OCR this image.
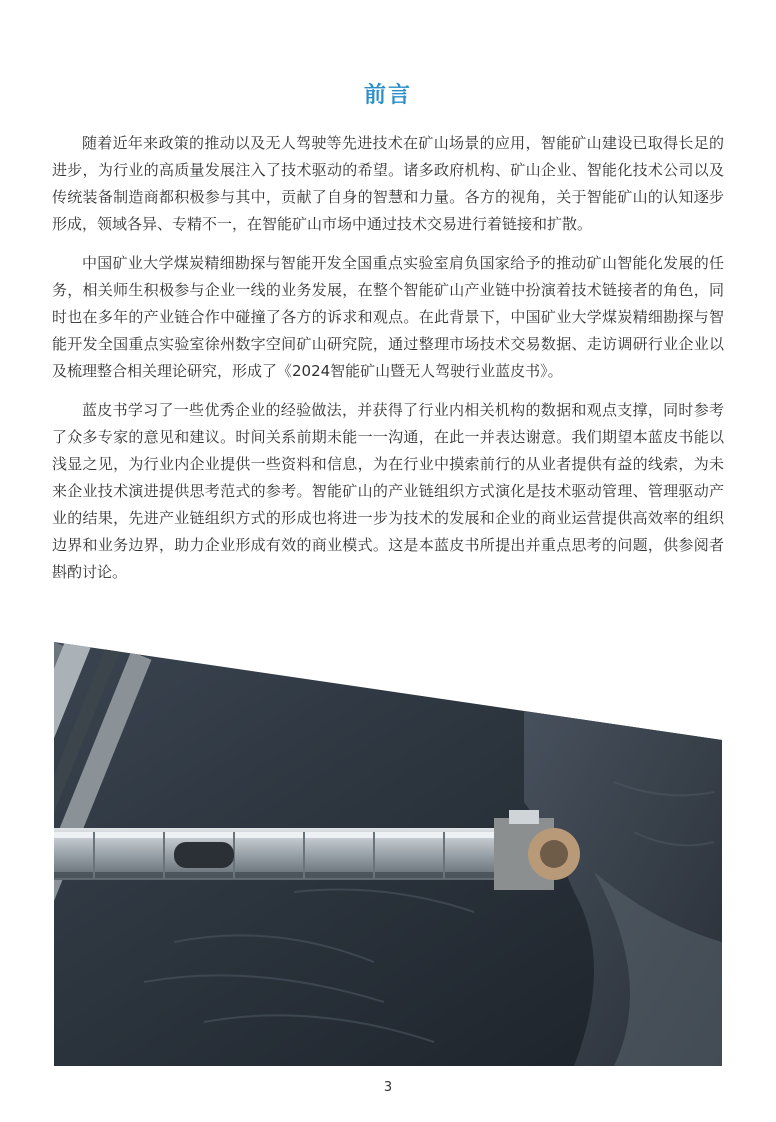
前言

随着近年来政策的推动以及无人驾驶等先进技术在矿山场景的应用，智能矿山建设已取得长足的进步，为行业的高质量发展注入了技术驱动的希望。诸多政府机构、矿山企业、智能化技术公司以及传统装备制造商都积极参与其中，贡献了自身的智慧和力量。各方的视角，关于智能矿山的认知逐步形成，领域各异、专精不一，在智能矿山市场中通过技术交易进行着链接和扩散。

中国矿业大学煤炭精细勘探与智能开发全国重点实验室肩负国家给予的推动矿山智能化发展的任务，相关师生积极参与企业一线的业务发展，在整个智能矿山产业链中扮演着技术链接者的角色，同时也在多年的产业链合作中碰撞了各方的诉求和观点。在此背景下，中国矿业大学煤炭精细勘探与智能开发全国重点实验室徐州数字空间矿山研究院，通过整理市场技术交易数据、走访调研行业企业以及梳理整合相关理论研究，形成了《2024智能矿山暨无人驾驶行业蓝皮书》。

蓝皮书学习了一些优秀企业的经验做法，并获得了行业内相关机构的数据和观点支撑，同时参考了众多专家的意见和建议。时间关系前期未能一一沟通，在此一并表达谢意。我们期望本蓝皮书能以浅显之见，为行业内企业提供一些资料和信息，为在行业中摸索前行的从业者提供有益的线索，为未来企业技术演进提供思考范式的参考。智能矿山的产业链组织方式演化是技术驱动管理、管理驱动产业的结果，先进产业链组织方式的形成也将进一步为技术的发展和企业的商业运营提供高效率的组织边界和业务边界，助力企业形成有效的商业模式。这是本蓝皮书所提出并重点思考的问题，供参阅者斟酌讨论。

3
